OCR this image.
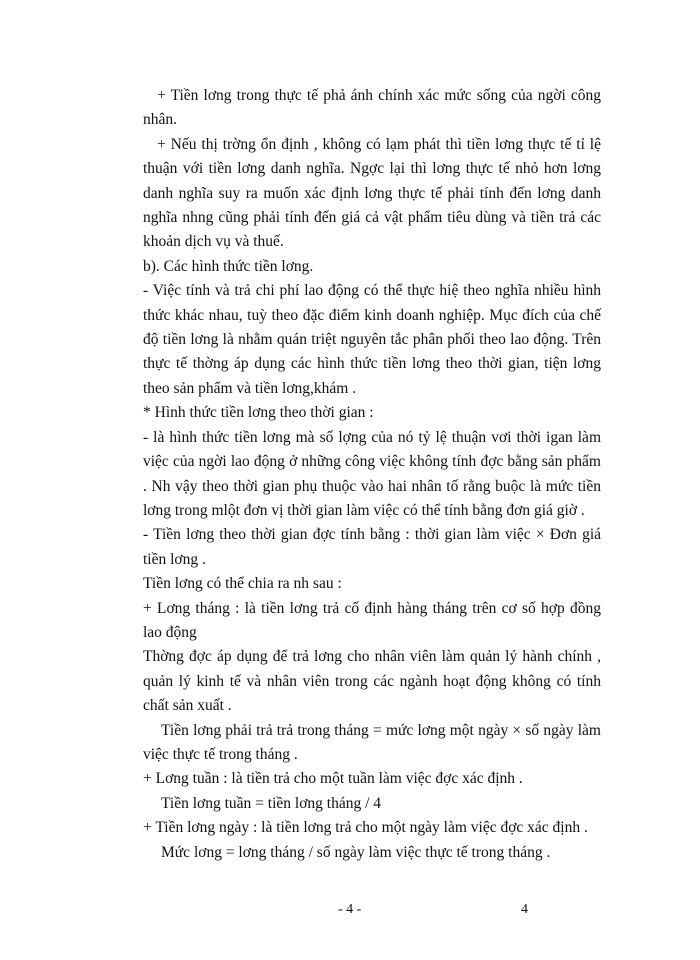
+ Tiền lơng trong thực tế phả ánh chính xác mức sống của ngời công nhân.

+ Nếu thị trờng ổn định , không có lạm phát thì tiền lơng thực tế tỉ lệ thuận với tiền lơng danh nghĩa. Ngợc lại thì lơng thực tế nhỏ hơn lơng danh nghĩa suy ra muốn xác định lơng thực tế phải tính đến lơng danh nghĩa nhng cũng phải tính đến giá cả vật phẩm tiêu dùng và tiền trả các khoản dịch vụ và thuế.

b). Các hình thức tiền lơng.

- Việc tính và trả chi phí lao động có thể thực hiệ theo nghĩa nhiều hình thức khác nhau, tuỳ theo đặc điểm kinh doanh nghiệp. Mục đích của chế độ tiền lơng là nhằm quán triệt nguyên tắc phân phối theo lao động. Trên thực tế thờng áp dụng các hình thức tiền lơng theo thời gian, tiện lơng theo sản phẩm và tiền lơng,khám .

* Hình thức tiền lơng theo thời gian :

- là hình thức tiền lơng mà số lợng của nó tỷ lệ thuận vơi thời igan làm việc của ngời lao động ở những công việc không tính đợc bằng sản phẩm . Nh vậy theo thời gian phụ thuộc vào hai nhân tố rằng buộc là mức tiền lơng trong mlột đơn vị thời gian làm việc có thể tính bằng đơn giá giờ .

- Tiền lơng theo thời gian đợc tính bằng : thời gian làm việc × Đơn giá tiền lơng .

Tiền lơng có thể chia ra nh sau :

+ Lơng tháng : là tiền lơng trả cố định hàng tháng trên cơ số hợp đồng lao động

Thờng đợc áp dụng để trả lơng cho nhân viên làm quản lý hành chính , quản lý kinh tế và nhân viên trong các ngành hoạt động không có tính chất sản xuất .

Tiền lơng phải trả trả trong tháng = mức lơng một ngày × số ngày làm việc thực tế trong tháng .

+ Lơng tuần : là tiền trả cho một tuần làm việc đợc xác định .

Tiền lơng tuần = tiền lơng tháng / 4

+ Tiền lơng ngày : là tiền lơng trả cho một ngày làm việc đợc xác định .

Mức lơng = lơng tháng / số ngày làm việc thực tế trong tháng .

- 4 -	4
